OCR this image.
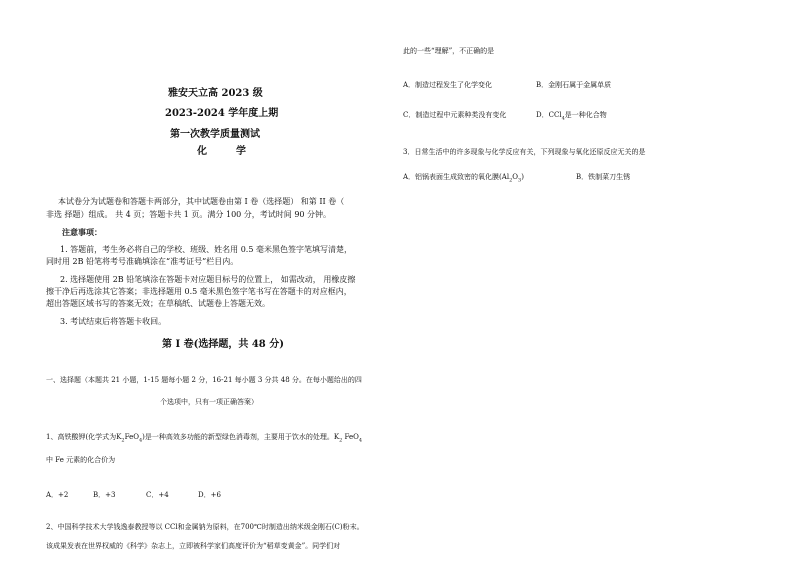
雅安天立高 2023 级
2023-2024 学年度上期
第一次教学质量测试
化	学
本试卷分为试题卷和答题卡两部分，其中试题卷由第 I 卷（选择题） 和第 II 卷（
非选 择题）组成。 共 4 页；答题卡共 1 页。满分 100 分，考试时间 90 分钟。
注意事项：
1. 答题前，考生务必将自己的学校、班级、姓名用 0.5 毫米黑色签字笔填写清楚，
同时用 2B 铅笔将考号准确填涂在“准考证号”栏目内。
2. 选择题使用 2B 铅笔填涂在答题卡对应题目标号的位置上， 如需改动， 用橡皮擦
擦干净后再选涂其它答案；非选择题用 0.5 毫米黑色签字笔书写在答题卡的对应框内，
超出答题区域书写的答案无效；在草稿纸、试题卷上答题无效。
3. 考试结束后将答题卡收回。
第 I 卷(选择题，共 48 分)
一、选择题（本题共 21 小题，1-15 题每小题 2 分，16-21 每小题 3 分共 48 分。在每小题给出的四
个选项中，只有一项正确答案）
1、高铁酸钾(化学式为$K_2FeO_4$)是一种高效多功能的新型绿色消毒剂，主要用于饮水的处理。$K_2$ FeO$_4$
中 Fe 元素的化合价为
A．+2	B．+3	C．+4	D．+6
2、中国科学技术大学钱逸泰教授等以 CCl和金属钠为原料，在700℃时制造出纳米级金刚石(C)粉末。
该成果发表在世界权威的《科学》杂志上，立即被科学家们高度评价为“稻草变黄金”。同学们对
此的一些“理解”，不正确的是
A．制造过程发生了化学变化	B．金刚石属于金属单质
C．制造过程中元素种类没有变化	D．CCl$_4$是一种化合物
3．日常生活中的许多现象与化学反应有关，下列现象与氧化还原反应无关的是
A．铝锅表面生成致密的氧化膜$(Al_2O_3)$	B．铁制菜刀生锈
